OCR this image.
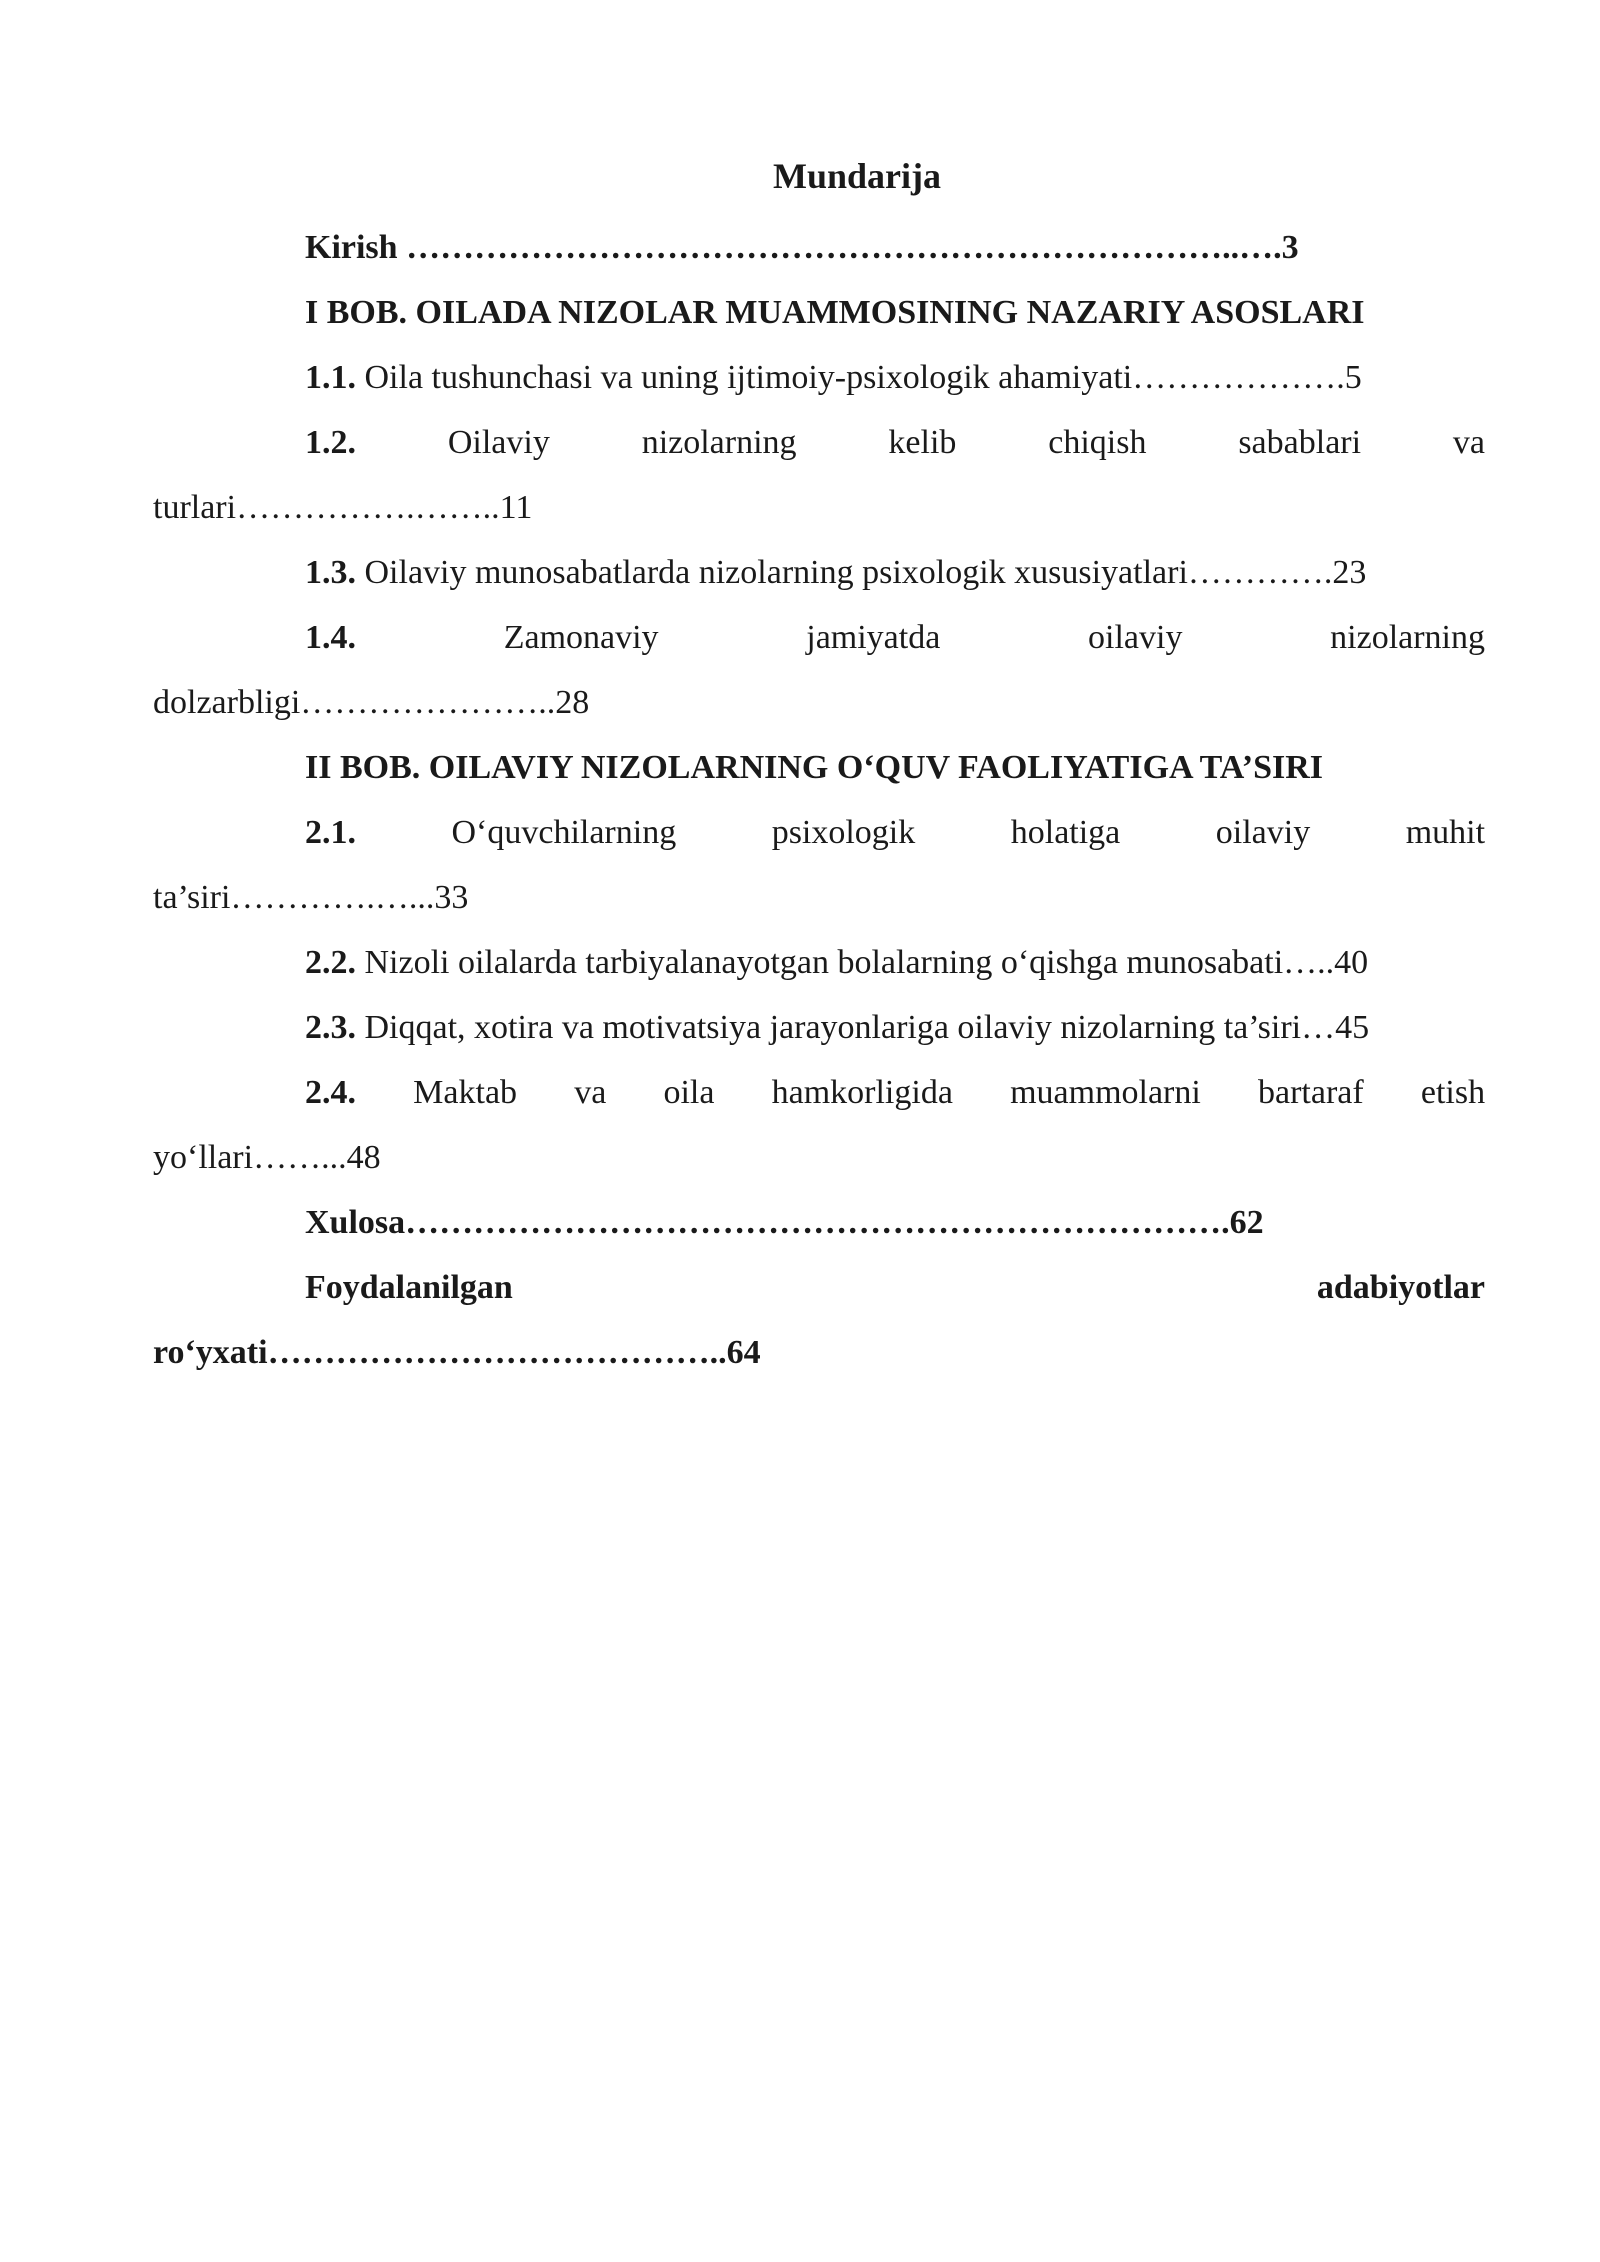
Mundarija

Kirish ………………………………………………………………..….3

I BOB. OILADA NIZOLAR MUAMMOSINING NAZARIY ASOSLARI

1.1. Oila tushunchasi va uning ijtimoiy-psixologik ahamiyati……………….5

1.2.	Oilaviy	nizolarning	kelib	chiqish	sabablari	va
turlari…………….……..11

1.3. Oilaviy munosabatlarda nizolarning psixologik xususiyatlari………….23

1.4.	Zamonaviy	jamiyatda	oilaviy	nizolarning
dolzarbligi…………………..28

II BOB. OILAVIY NIZOLARNING O‘QUV FAOLIYATIGA TA’SIRI

2.1.	O‘quvchilarning	psixologik	holatiga	oilaviy	muhit
ta’siri………….…...33

2.2. Nizoli oilalarda tarbiyalanayotgan bolalarning o‘qishga munosabati…..40

2.3. Diqqat, xotira va motivatsiya jarayonlariga oilaviy nizolarning ta’siri…45

2.4. Maktab va oila hamkorligida muammolarni bartaraf etish
yo‘llari……...48

Xulosa……………………………………………………………….62

Foydalanilgan	adabiyotlar
ro‘yxati…………………………………..64
